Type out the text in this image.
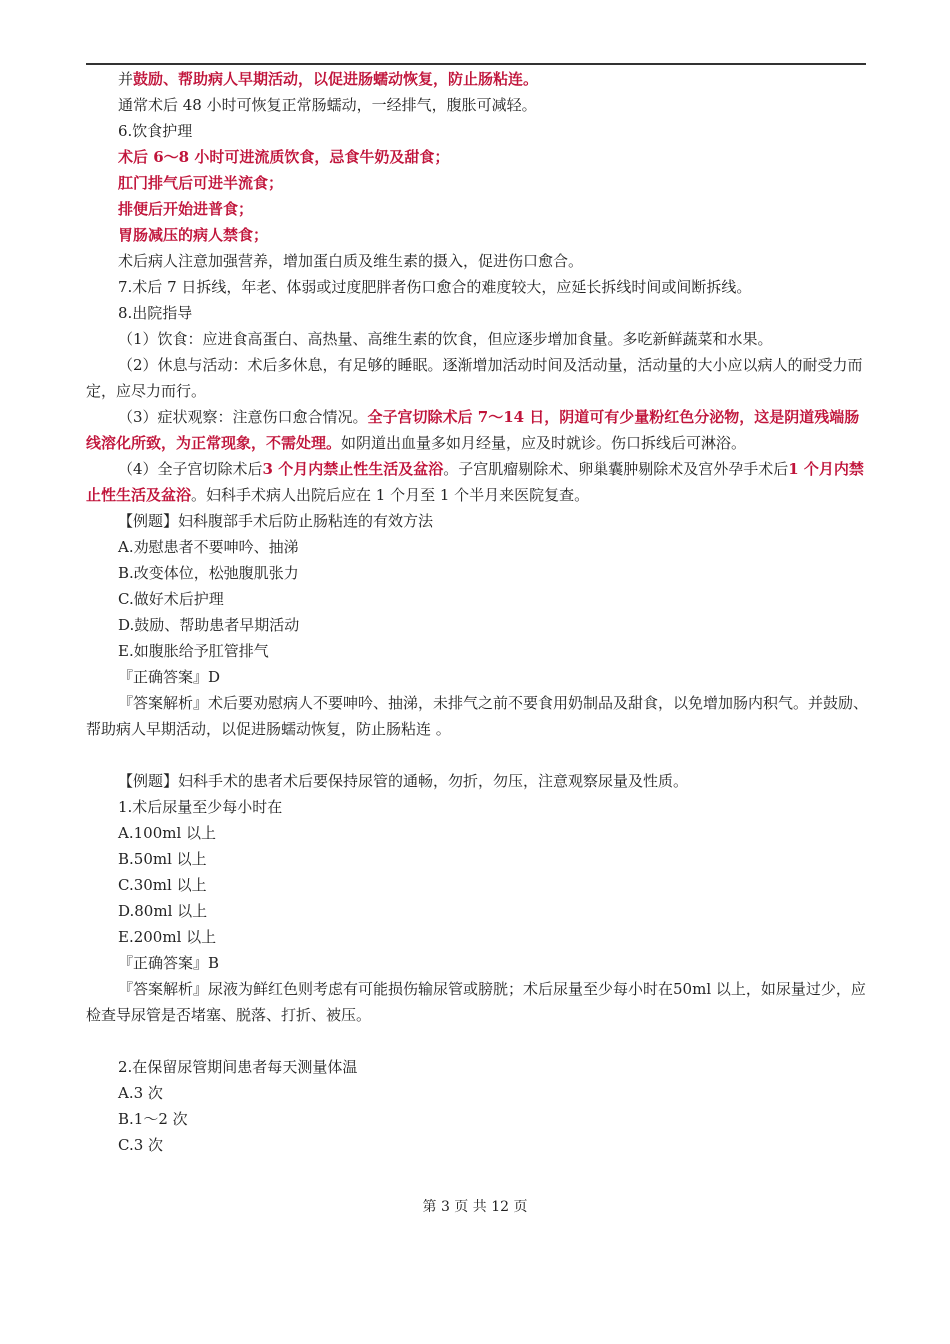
并鼓励、帮助病人早期活动，以促进肠蠕动恢复，防止肠粘连。
通常术后 48 小时可恢复正常肠蠕动，一经排气，腹胀可减轻。
6.饮食护理
术后 6～8 小时可进流质饮食，忌食牛奶及甜食；
肛门排气后可进半流食；
排便后开始进普食；
胃肠减压的病人禁食；
术后病人注意加强营养，增加蛋白质及维生素的摄入，促进伤口愈合。
7.术后 7 日拆线，年老、体弱或过度肥胖者伤口愈合的难度较大，应延长拆线时间或间断拆线。
8.出院指导
（1）饮食：应进食高蛋白、高热量、高维生素的饮食，但应逐步增加食量。多吃新鲜蔬菜和水果。
（2）休息与活动：术后多休息，有足够的睡眠。逐渐增加活动时间及活动量，活动量的大小应以病人的耐受力而定，应尽力而行。
（3）症状观察：注意伤口愈合情况。全子宫切除术后 7～14 日，阴道可有少量粉红色分泌物，这是阴道残端肠线溶化所致，为正常现象，不需处理。如阴道出血量多如月经量，应及时就诊。伤口拆线后可淋浴。
（4）全子宫切除术后3 个月内禁止性生活及盆浴。子宫肌瘤剔除术、卵巢囊肿剔除术及宫外孕手术后1 个月内禁止性生活及盆浴。妇科手术病人出院后应在 1 个月至 1 个半月来医院复查。
【例题】妇科腹部手术后防止肠粘连的有效方法
A.劝慰患者不要呻吟、抽涕
B.改变体位，松弛腹肌张力
C.做好术后护理
D.鼓励、帮助患者早期活动
E.如腹胀给予肛管排气
『正确答案』D
『答案解析』术后要劝慰病人不要呻吟、抽涕，未排气之前不要食用奶制品及甜食，以免增加肠内积气。并鼓励、帮助病人早期活动，以促进肠蠕动恢复，防止肠粘连 。
【例题】妇科手术的患者术后要保持尿管的通畅，勿折，勿压，注意观察尿量及性质。
1.术后尿量至少每小时在
A.100ml 以上
B.50ml 以上
C.30ml 以上
D.80ml 以上
E.200ml 以上
『正确答案』B
『答案解析』尿液为鲜红色则考虑有可能损伤输尿管或膀胱；术后尿量至少每小时在50ml 以上，如尿量过少，应检查导尿管是否堵塞、脱落、打折、被压。
2.在保留尿管期间患者每天测量体温
A.3 次
B.1～2 次
C.3 次
第 3 页 共 12 页
